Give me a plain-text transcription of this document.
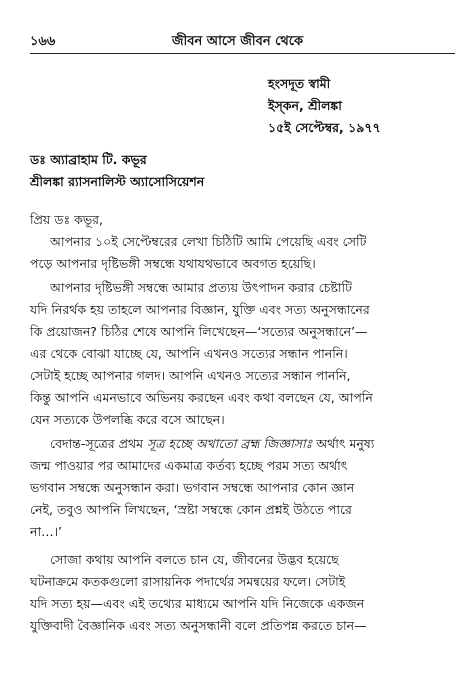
১৬৬	জীবন আসে জীবন থেকে
হংসদূত স্বামী
ইস্‌কন, শ্রীলঙ্কা
১৫ই সেপ্টেম্বর, ১৯৭৭
ডঃ অ্যাব্রাহাম টি. কভূর
শ্রীলঙ্কা র‍্যাসনালিস্ট অ্যাসোসিয়েশন
প্রিয় ডঃ কভূর,
আপনার ১০ই সেপ্টেম্বরের লেখা চিঠিটি আমি পেয়েছি এবং সেটি
পড়ে আপনার দৃষ্টিভঙ্গী সম্বন্ধে যথাযথভাবে অবগত হয়েছি।
আপনার দৃষ্টিভঙ্গী সম্বন্ধে আমার প্রত্যয় উৎপাদন করার চেষ্টাটি
যদি নিরর্থক হয় তাহলে আপনার বিজ্ঞান, যুক্তি এবং সত্য অনুসন্ধানের
কি প্রয়োজন? চিঠির শেষে আপনি লিখেছেন—‘সত্যের অনুসন্ধানে’—
এর থেকে বোঝা যাচ্ছে যে, আপনি এখনও সত্যের সন্ধান পাননি।
সেটাই হচ্ছে আপনার গলদ। আপনি এখনও সত্যের সন্ধান পাননি,
কিন্তু আপনি এমনভাবে অভিনয় করছেন এবং কথা বলছেন যে, আপনি
যেন সত্যকে উপলব্ধি করে বসে আছেন।
বেদান্ত-সূত্রের প্রথম সূত্র হচ্ছে অথাতো ব্রহ্ম জিজ্ঞাসাঃ অর্থাৎ মনুষ্য
জন্ম পাওয়ার পর আমাদের একমাত্র কর্তব্য হচ্ছে পরম সত্য অর্থাৎ
ভগবান সম্বন্ধে অনুসন্ধান করা। ভগবান সম্বন্ধে আপনার কোন জ্ঞান
নেই, তবুও আপনি লিখছেন, ‘স্রষ্টা সম্বন্ধে কোন প্রশ্নই উঠতে পারে
না…।’
সোজা কথায় আপনি বলতে চান যে, জীবনের উদ্ভব হয়েছে
ঘটনাক্রমে কতকগুলো রাসায়নিক পদার্থের সমন্বয়ের ফলে। সেটাই
যদি সত্য হয়—এবং এই তথ্যের মাধ্যমে আপনি যদি নিজেকে একজন
যুক্তিবাদী বৈজ্ঞানিক এবং সত্য অনুসন্ধানী বলে প্রতিপন্ন করতে চান—
